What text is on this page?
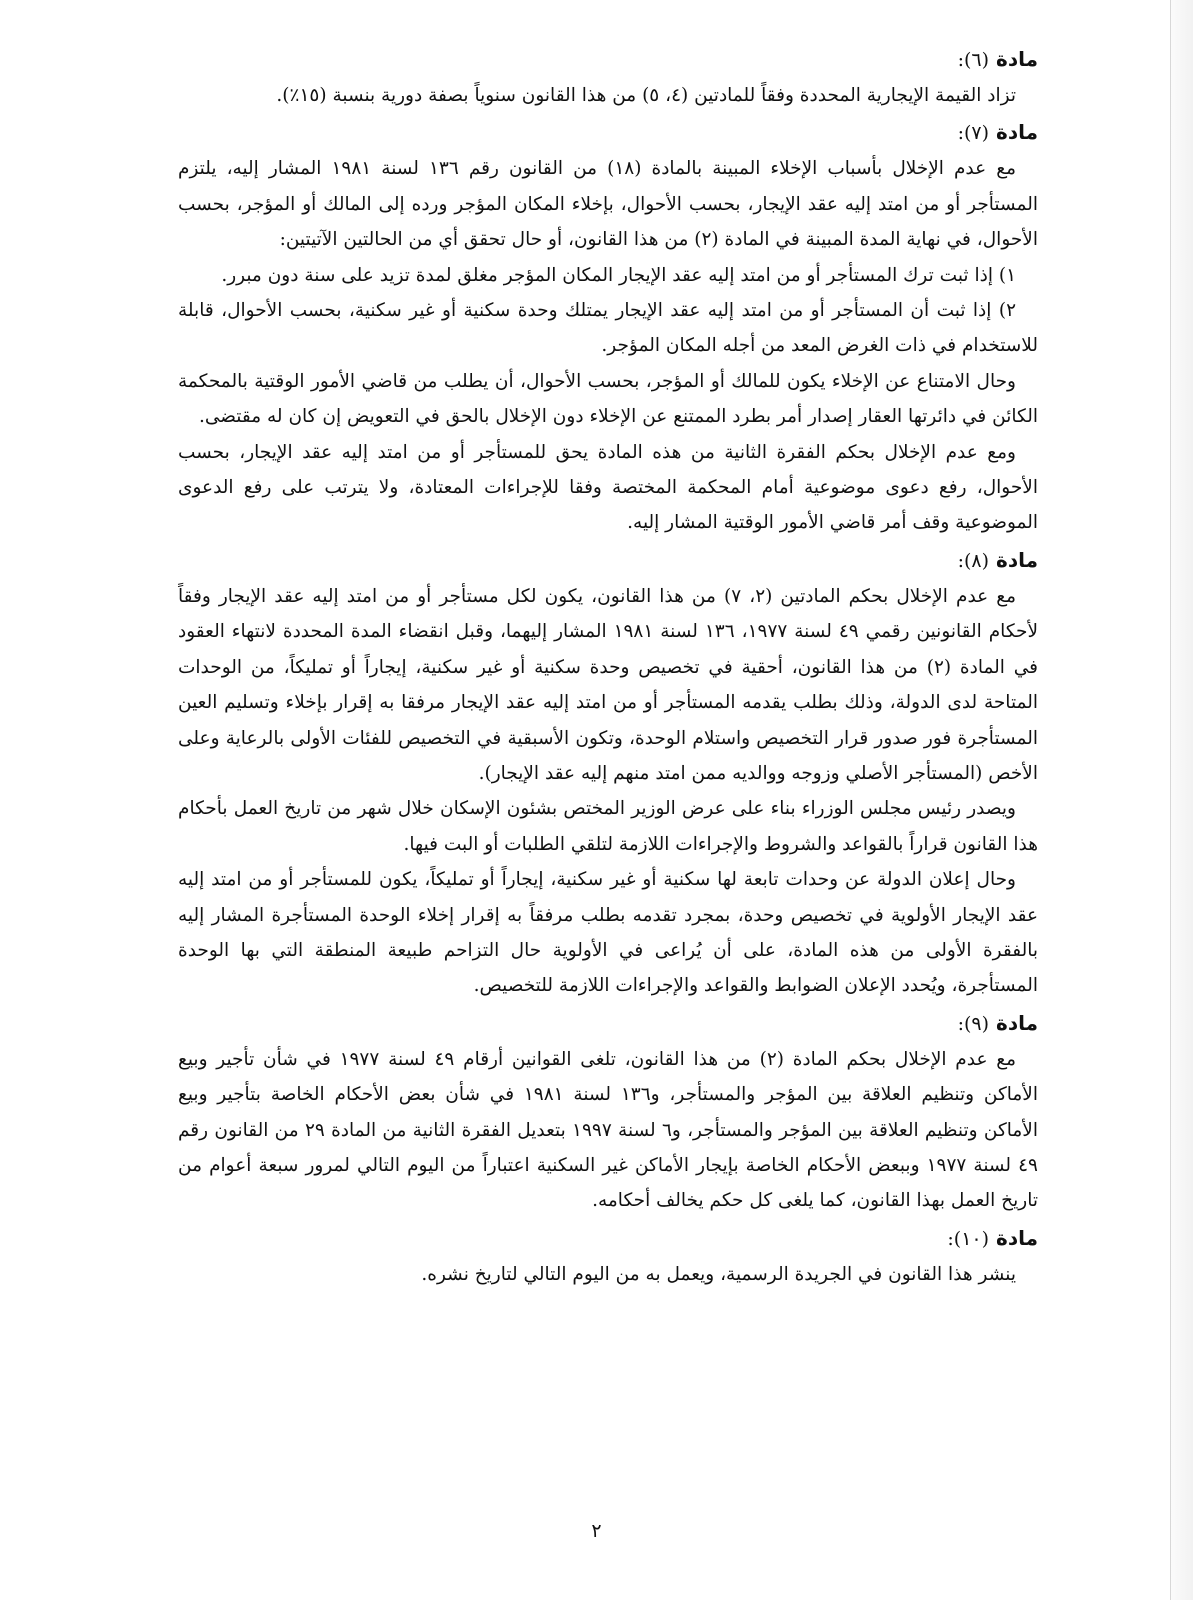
مادة (٦):

تزاد القيمة الإيجارية المحددة وفقاً للمادتين (٤، ٥) من هذا القانون سنوياً بصفة دورية بنسبة (١٥٪).

مادة (٧):

مع عدم الإخلال بأسباب الإخلاء المبينة بالمادة (١٨) من القانون رقم ١٣٦ لسنة ١٩٨١ المشار إليه، يلتزم المستأجر أو من امتد إليه عقد الإيجار، بحسب الأحوال، بإخلاء المكان المؤجر ورده إلى المالك أو المؤجر، بحسب الأحوال، في نهاية المدة المبينة في المادة (٢) من هذا القانون، أو حال تحقق أي من الحالتين الآتيتين:

١) إذا ثبت ترك المستأجر أو من امتد إليه عقد الإيجار المكان المؤجر مغلق لمدة تزيد على سنة دون مبرر.

٢) إذا ثبت أن المستأجر أو من امتد إليه عقد الإيجار يمتلك وحدة سكنية أو غير سكنية، بحسب الأحوال، قابلة للاستخدام في ذات الغرض المعد من أجله المكان المؤجر.

وحال الامتناع عن الإخلاء يكون للمالك أو المؤجر، بحسب الأحوال، أن يطلب من قاضي الأمور الوقتية بالمحكمة الكائن في دائرتها العقار إصدار أمر بطرد الممتنع عن الإخلاء دون الإخلال بالحق في التعويض إن كان له مقتضى.

ومع عدم الإخلال بحكم الفقرة الثانية من هذه المادة يحق للمستأجر أو من امتد إليه عقد الإيجار، بحسب الأحوال، رفع دعوى موضوعية أمام المحكمة المختصة وفقا للإجراءات المعتادة، ولا يترتب على رفع الدعوى الموضوعية وقف أمر قاضي الأمور الوقتية المشار إليه.

مادة (٨):

مع عدم الإخلال بحكم المادتين (٢، ٧) من هذا القانون، يكون لكل مستأجر أو من امتد إليه عقد الإيجار وفقاً لأحكام القانونين رقمي ٤٩ لسنة ١٩٧٧، ١٣٦ لسنة ١٩٨١ المشار إليهما، وقبل انقضاء المدة المحددة لانتهاء العقود في المادة (٢) من هذا القانون، أحقية في تخصيص وحدة سكنية أو غير سكنية، إيجاراً أو تمليكاً، من الوحدات المتاحة لدى الدولة، وذلك بطلب يقدمه المستأجر أو من امتد إليه عقد الإيجار مرفقا به إقرار بإخلاء وتسليم العين المستأجرة فور صدور قرار التخصيص واستلام الوحدة، وتكون الأسبقية في التخصيص للفئات الأولى بالرعاية وعلى الأخص (المستأجر الأصلي وزوجه ووالديه ممن امتد منهم إليه عقد الإيجار).

ويصدر رئيس مجلس الوزراء بناء على عرض الوزير المختص بشئون الإسكان خلال شهر من تاريخ العمل بأحكام هذا القانون قراراً بالقواعد والشروط والإجراءات اللازمة لتلقي الطلبات أو البت فيها.

وحال إعلان الدولة عن وحدات تابعة لها سكنية أو غير سكنية، إيجاراً أو تمليكاً، يكون للمستأجر أو من امتد إليه عقد الإيجار الأولوية في تخصيص وحدة، بمجرد تقدمه بطلب مرفقاً به إقرار إخلاء الوحدة المستأجرة المشار إليه بالفقرة الأولى من هذه المادة، على أن يُراعى في الأولوية حال التزاحم طبيعة المنطقة التي بها الوحدة المستأجرة، ويُحدد الإعلان الضوابط والقواعد والإجراءات اللازمة للتخصيص.

مادة (٩):

مع عدم الإخلال بحكم المادة (٢) من هذا القانون، تلغى القوانين أرقام ٤٩ لسنة ١٩٧٧ في شأن تأجير وبيع الأماكن وتنظيم العلاقة بين المؤجر والمستأجر، و١٣٦ لسنة ١٩٨١ في شأن بعض الأحكام الخاصة بتأجير وبيع الأماكن وتنظيم العلاقة بين المؤجر والمستأجر، و٦ لسنة ١٩٩٧ بتعديل الفقرة الثانية من المادة ٢٩ من القانون رقم ٤٩ لسنة ١٩٧٧ وببعض الأحكام الخاصة بإيجار الأماكن غير السكنية اعتباراً من اليوم التالي لمرور سبعة أعوام من تاريخ العمل بهذا القانون، كما يلغى كل حكم يخالف أحكامه.

مادة (١٠):

ينشر هذا القانون في الجريدة الرسمية، ويعمل به من اليوم التالي لتاريخ نشره.

٢
